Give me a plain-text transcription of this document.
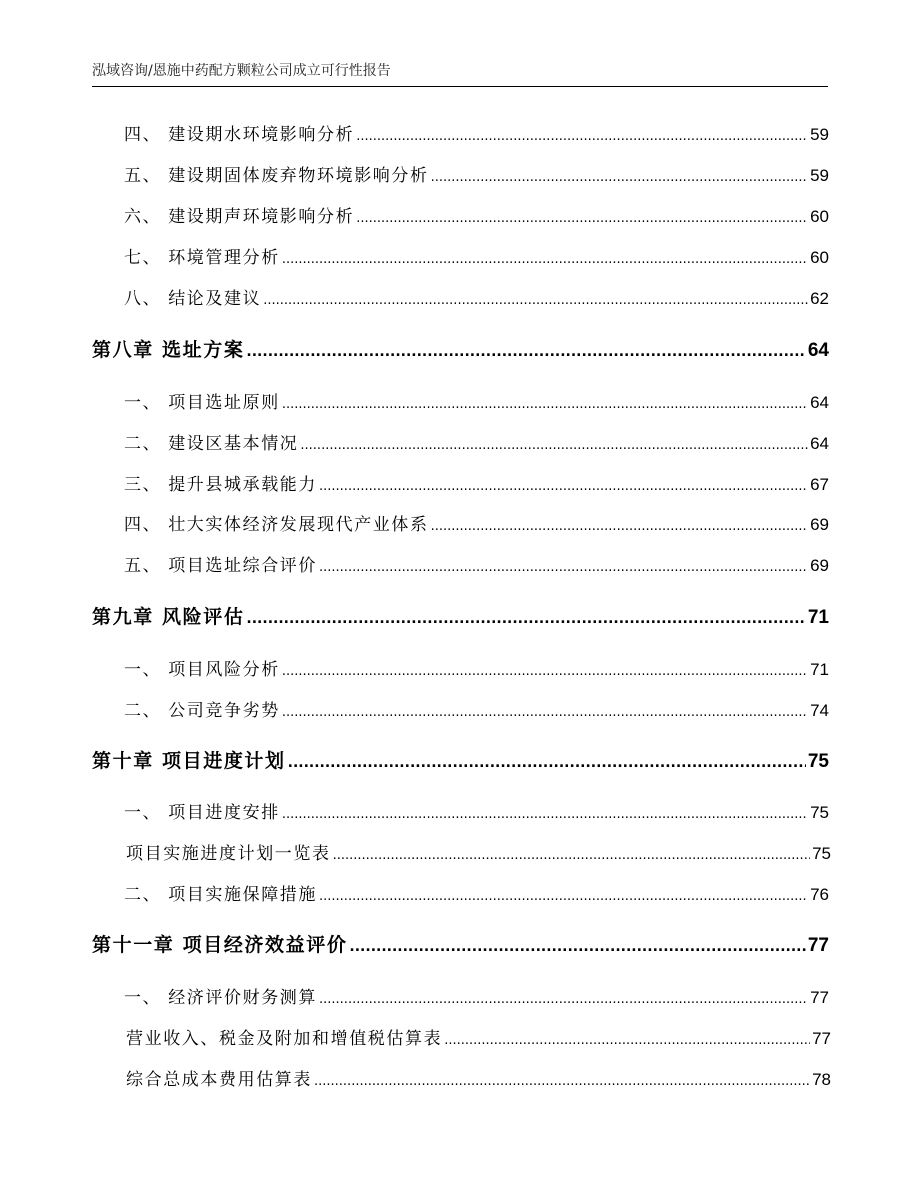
泓域咨询/恩施中药配方颗粒公司成立可行性报告
四、 建设期水环境影响分析 .....	59
五、 建设期固体废弃物环境影响分析 .....	59
六、 建设期声环境影响分析 .....	60
七、 环境管理分析 .....	60
八、 结论及建议 .....	62
第八章 选址方案 .....	64
一、 项目选址原则 .....	64
二、 建设区基本情况 .....	64
三、 提升县城承载能力 .....	67
四、 壮大实体经济发展现代产业体系 .....	69
五、 项目选址综合评价 .....	69
第九章 风险评估 .....	71
一、 项目风险分析 .....	71
二、 公司竞争劣势 .....	74
第十章 项目进度计划 .....	75
一、 项目进度安排 .....	75
项目实施进度计划一览表 .....	75
二、 项目实施保障措施 .....	76
第十一章 项目经济效益评价 .....	77
一、 经济评价财务测算 .....	77
营业收入、税金及附加和增值税估算表 .....	77
综合总成本费用估算表 .....	78
